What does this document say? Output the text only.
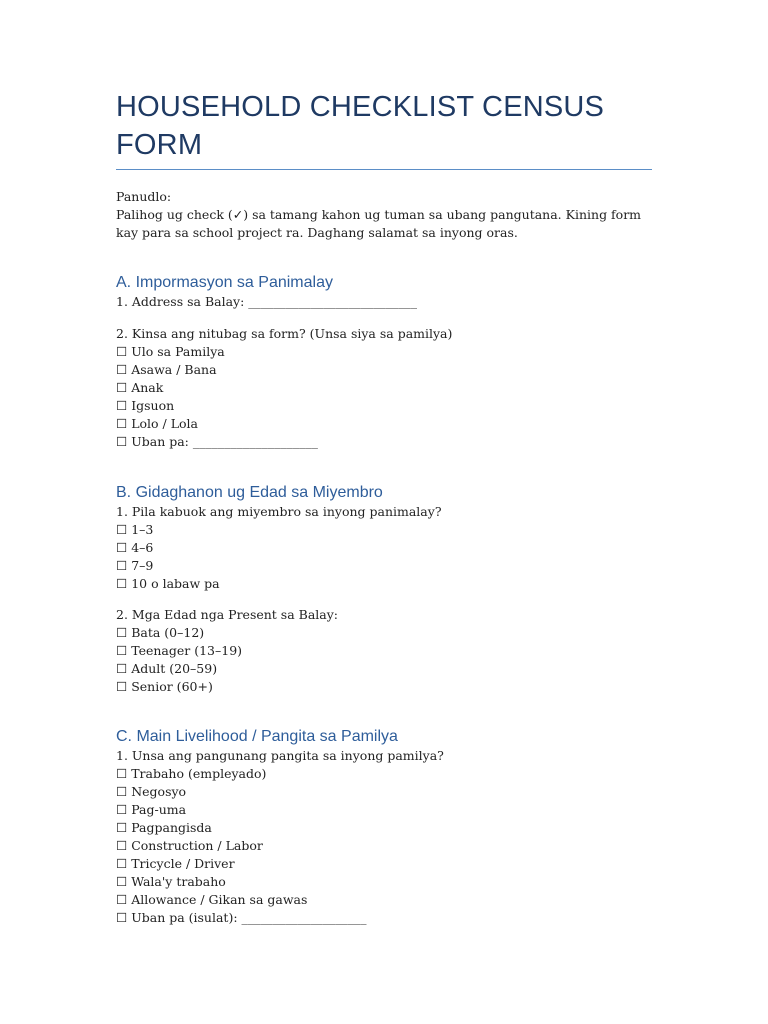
HOUSEHOLD CHECKLIST CENSUS FORM
Panudlo:
Palihog ug check (✓) sa tamang kahon ug tuman sa ubang pangutana. Kining form kay para sa school project ra. Daghang salamat sa inyong oras.
A. Impormasyon sa Panimalay
1. Address sa Balay: ___________________________
2. Kinsa ang nitubag sa form? (Unsa siya sa pamilya)
☐ Ulo sa Pamilya
☐ Asawa / Bana
☐ Anak
☐ Igsuon
☐ Lolo / Lola
☐ Uban pa: ____________________
B. Gidaghanon ug Edad sa Miyembro
1. Pila kabuok ang miyembro sa inyong panimalay?
☐ 1–3
☐ 4–6
☐ 7–9
☐ 10 o labaw pa
2. Mga Edad nga Present sa Balay:
☐ Bata (0–12)
☐ Teenager (13–19)
☐ Adult (20–59)
☐ Senior (60+)
C. Main Livelihood / Pangita sa Pamilya
1. Unsa ang pangunang pangita sa inyong pamilya?
☐ Trabaho (empleyado)
☐ Negosyo
☐ Pag-uma
☐ Pagpangisda
☐ Construction / Labor
☐ Tricycle / Driver
☐ Wala'y trabaho
☐ Allowance / Gikan sa gawas
☐ Uban pa (isulat): ____________________
